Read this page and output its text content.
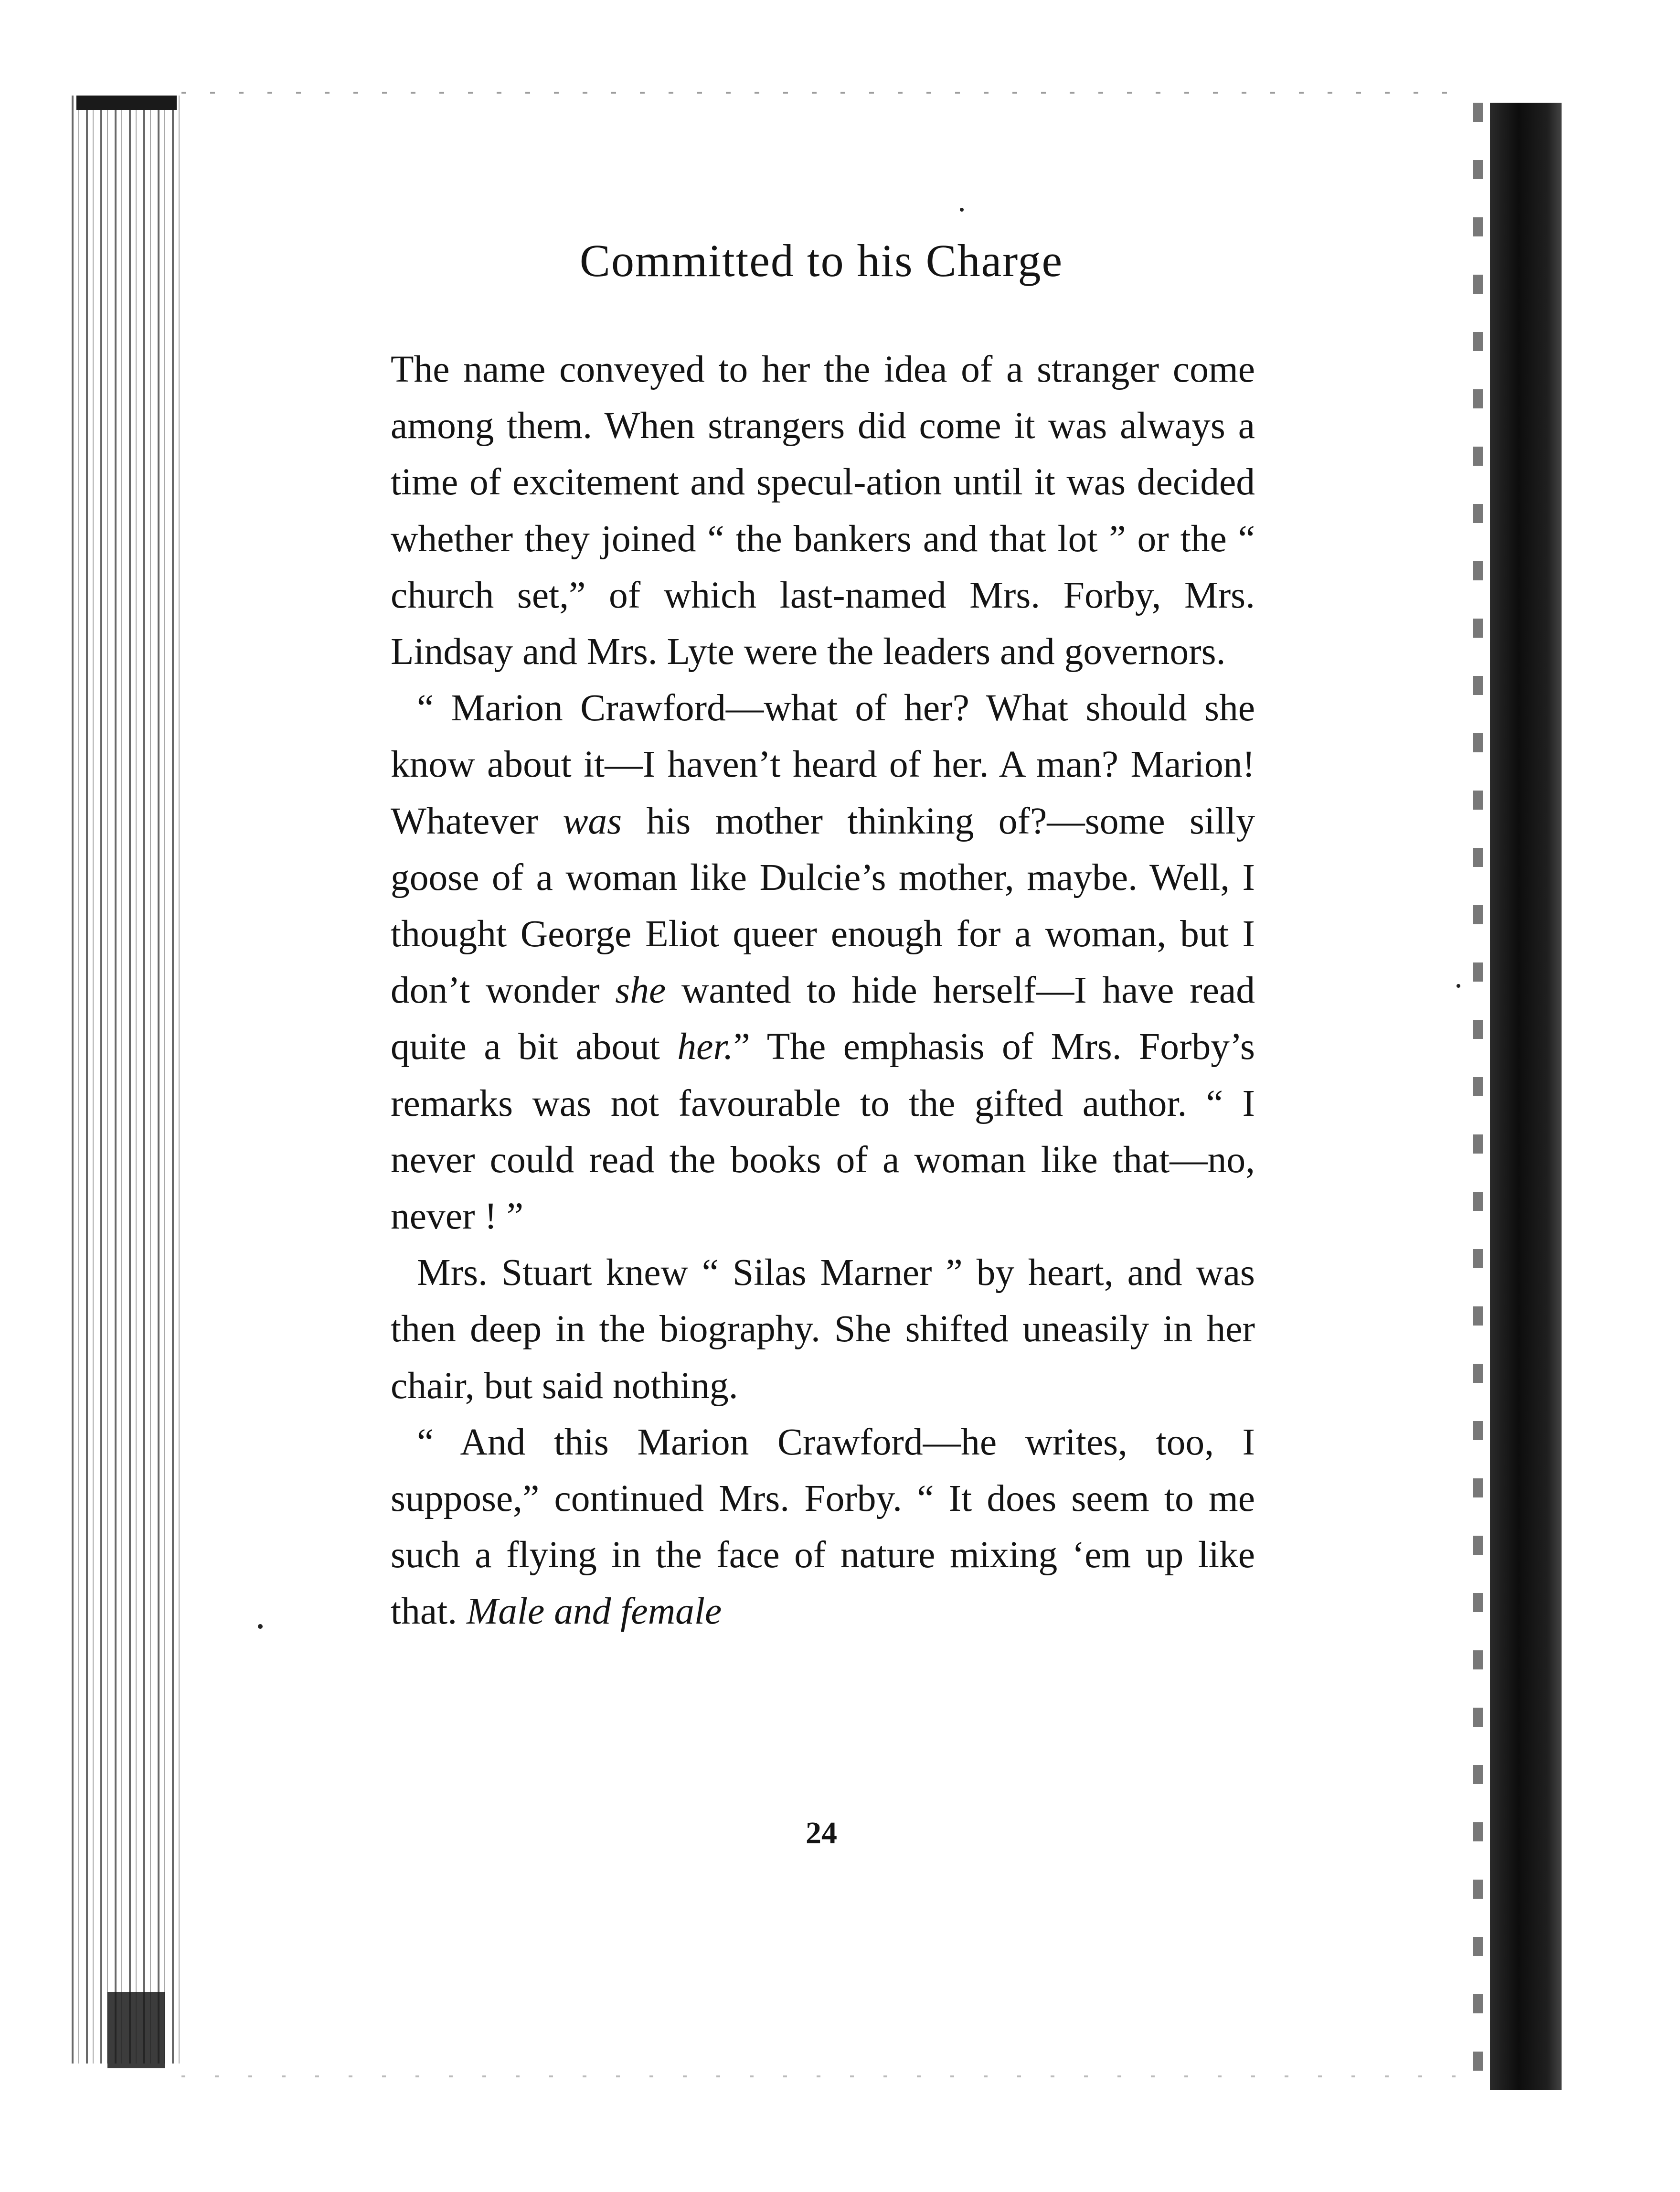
Committed to his Charge

The name conveyed to her the idea of a stranger come among them. When strangers did come it was always a time of excitement and specul-ation until it was decided whether they joined “ the bankers and that lot ” or the “ church set,” of which last-named Mrs. Forby, Mrs. Lindsay and Mrs. Lyte were the leaders and governors.

“ Marion Crawford—what of her? What should she know about it—I haven’t heard of her. A man? Marion! Whatever was his mother thinking of?—some silly goose of a woman like Dulcie’s mother, maybe. Well, I thought George Eliot queer enough for a woman, but I don’t wonder she wanted to hide herself—I have read quite a bit about her.” The emphasis of Mrs. Forby’s remarks was not favourable to the gifted author. “ I never could read the books of a woman like that—no, never ! ”

Mrs. Stuart knew “ Silas Marner ” by heart, and was then deep in the biography. She shifted uneasily in her chair, but said nothing.

“ And this Marion Crawford—he writes, too, I suppose,” continued Mrs. Forby. “ It does seem to me such a flying in the face of nature mixing ‘em up like that. Male and female

24
